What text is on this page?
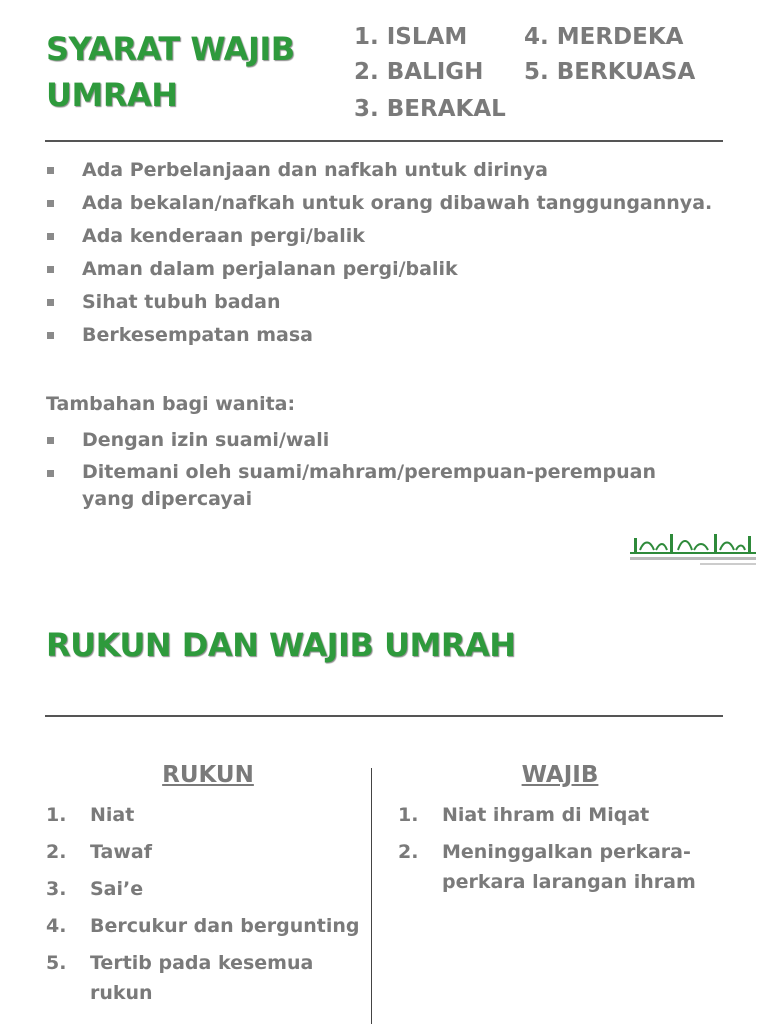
SYARAT WAJIB
UMRAH
1. ISLAM
2. BALIGH
3. BERAKAL
4. MERDEKA
5. BERKUASA
Ada Perbelanjaan dan nafkah untuk dirinya
Ada bekalan/nafkah untuk orang dibawah tanggungannya.
Ada kenderaan pergi/balik
Aman dalam perjalanan pergi/balik
Sihat tubuh badan
Berkesempatan masa
Tambahan bagi wanita:
Dengan izin suami/wali
Ditemani oleh suami/mahram/perempuan-perempuan yang dipercayai
RUKUN DAN WAJIB UMRAH
RUKUN	WAJIB
1. Niat
2. Tawaf
3. Sai’e
4. Bercukur dan bergunting
5. Tertib pada kesemua rukun
1. Niat ihram di Miqat
2. Meninggalkan perkara-perkara larangan ihram
